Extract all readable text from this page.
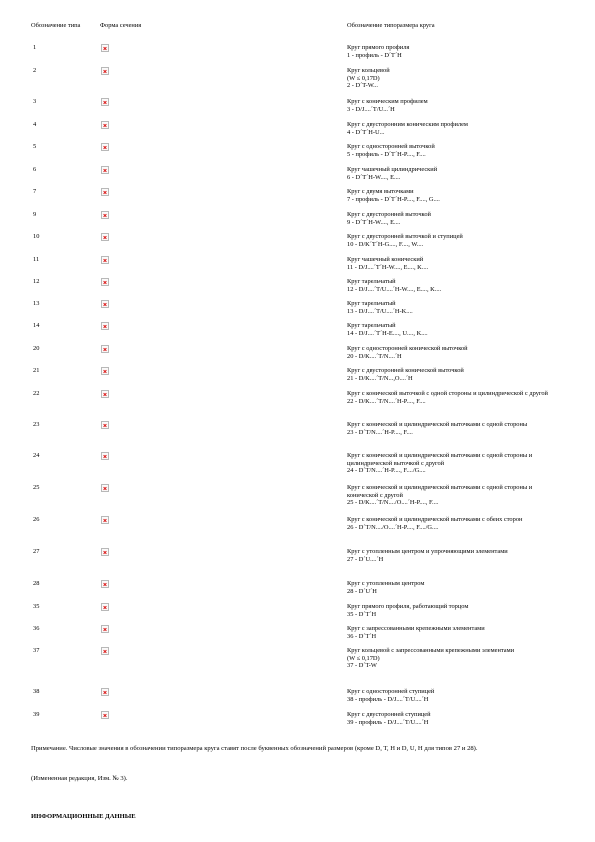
Обозначение типа	Форма сечения	Обозначение типоразмера круга
1	Круг прямого профиля
1 - профиль - D´T´H
2	Круг кольцевой
(W ≤ 0,17D)
2 - D´T-W...
3	Круг с коническим профилем
3 - D/J....´T/U...´H
4	Круг с двусторонним коническим профилем
4 - D´T´H-U...
5	Круг с односторонней выточкой
5 - профиль - D´T´H-P...., F....
6	Круг чашечный цилиндрический
6 - D´T´H-W...., E....
7	Круг с двумя выточками
7 - профиль - D´T´H-P...., F...., G....
9	Круг с двусторонней выточкой
9 - D´T´H-W...., E....
10	Круг с двусторонней выточкой и ступицей
10 - D/K´T´H-G...., F...., W....
11	Круг чашечный конический
11 - D/J....´T´H-W...., E...., K....
12	Круг тарельчатый
12 - D/J....´T/U....´H-W...., E...., K....
13	Круг тарельчатый
13 - D/J....´T/U....´H-K....
14	Круг тарельчатый
14 - D/J....´T´H-E...., U...., K....
20	Круг с односторонней конической выточкой
20 - D/K....´T/N....´H
21	Круг с двусторонней конической выточкой
21 - D/K....´T/N...,O....´H
22	Круг с конической выточкой с одной стороны и цилиндрической с другой
22 - D/K....´T/N....´H-P...., F....
23	Круг с конической и цилиндрической выточками с одной стороны
23 - D´T/N....´H-P...., F....
24	Круг с конической и цилиндрической выточками с одной стороны и цилиндрической выточкой с другой
24 - D´T/N....´H-P...., F..../G....
25	Круг с конической и цилиндрической выточками с одной стороны и конической с другой
25 - D/K....´T/N..../O....´H-P...., F....
26	Круг с конической и цилиндрической выточками с обеих сторон
26 - D´T/N..../O....´H-P...., F..../G....
27	Круг с утопленным центром и упрочняющими элементами
27 - D´U....´H
28	Круг с утопленным центром
28 - D´U´H
35	Круг прямого профиля, работающий торцом
35 - D´T´H
36	Круг с запрессованными крепежными элементами
36 - D´T´H
37	Круг кольцевой с запрессованными крепежными элементами
(W ≤ 0,17D)
37 - D´T-W
38	Круг с односторонней ступицей
38 - профиль - D/J....´T/U....´H
39	Круг с двусторонней ступицей
39 - профиль - D/J....´T/U....´H
Примечание. Числовые значения в обозначении типоразмера круга ставят после буквенных обозначений размеров (кроме D, T, H и D, U, H для типов 27 и 28).
(Измененная редакция, Изм. № 3).
ИНФОРМАЦИОННЫЕ ДАННЫЕ
